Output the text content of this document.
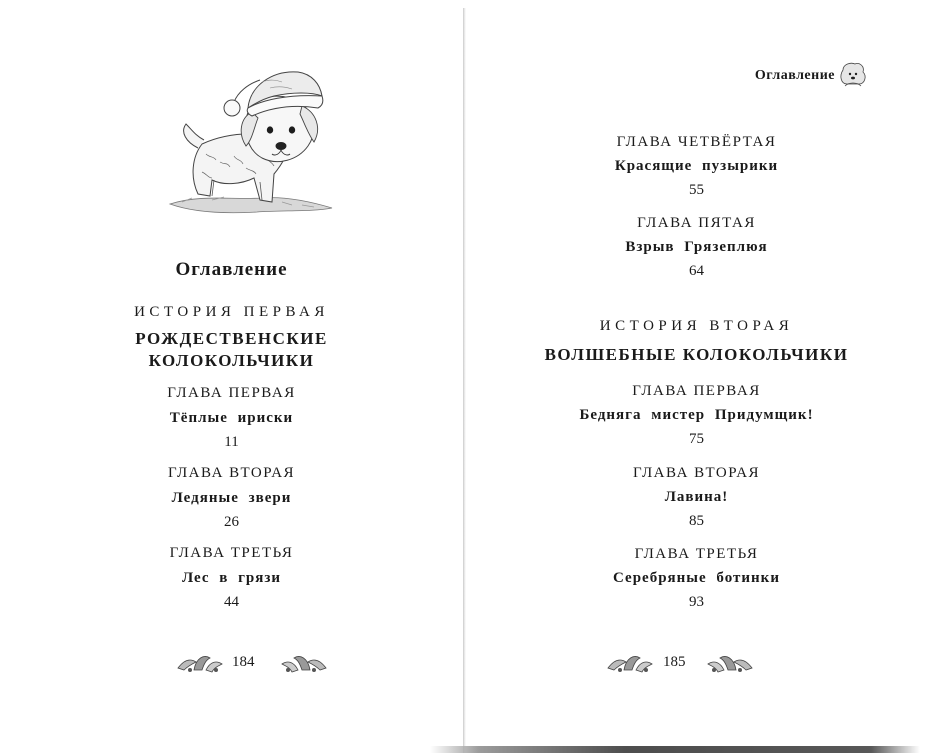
Оглавление
ИСТОРИЯ ПЕРВАЯ
РОЖДЕСТВЕНСКИЕ
КОЛОКОЛЬЧИКИ
ГЛАВА ПЕРВАЯ
Тёплые ириски
11
ГЛАВА ВТОРАЯ
Ледяные звери
26
ГЛАВА ТРЕТЬЯ
Лес в грязи
44
184
Оглавление
ГЛАВА ЧЕТВЁРТАЯ
Красящие пузырики
55
ГЛАВА ПЯТАЯ
Взрыв Грязеплюя
64
ИСТОРИЯ ВТОРАЯ
ВОЛШЕБНЫЕ КОЛОКОЛЬЧИКИ
ГЛАВА ПЕРВАЯ
Бедняга мистер Придумщик!
75
ГЛАВА ВТОРАЯ
Лавина!
85
ГЛАВА ТРЕТЬЯ
Серебряные ботинки
93
185
